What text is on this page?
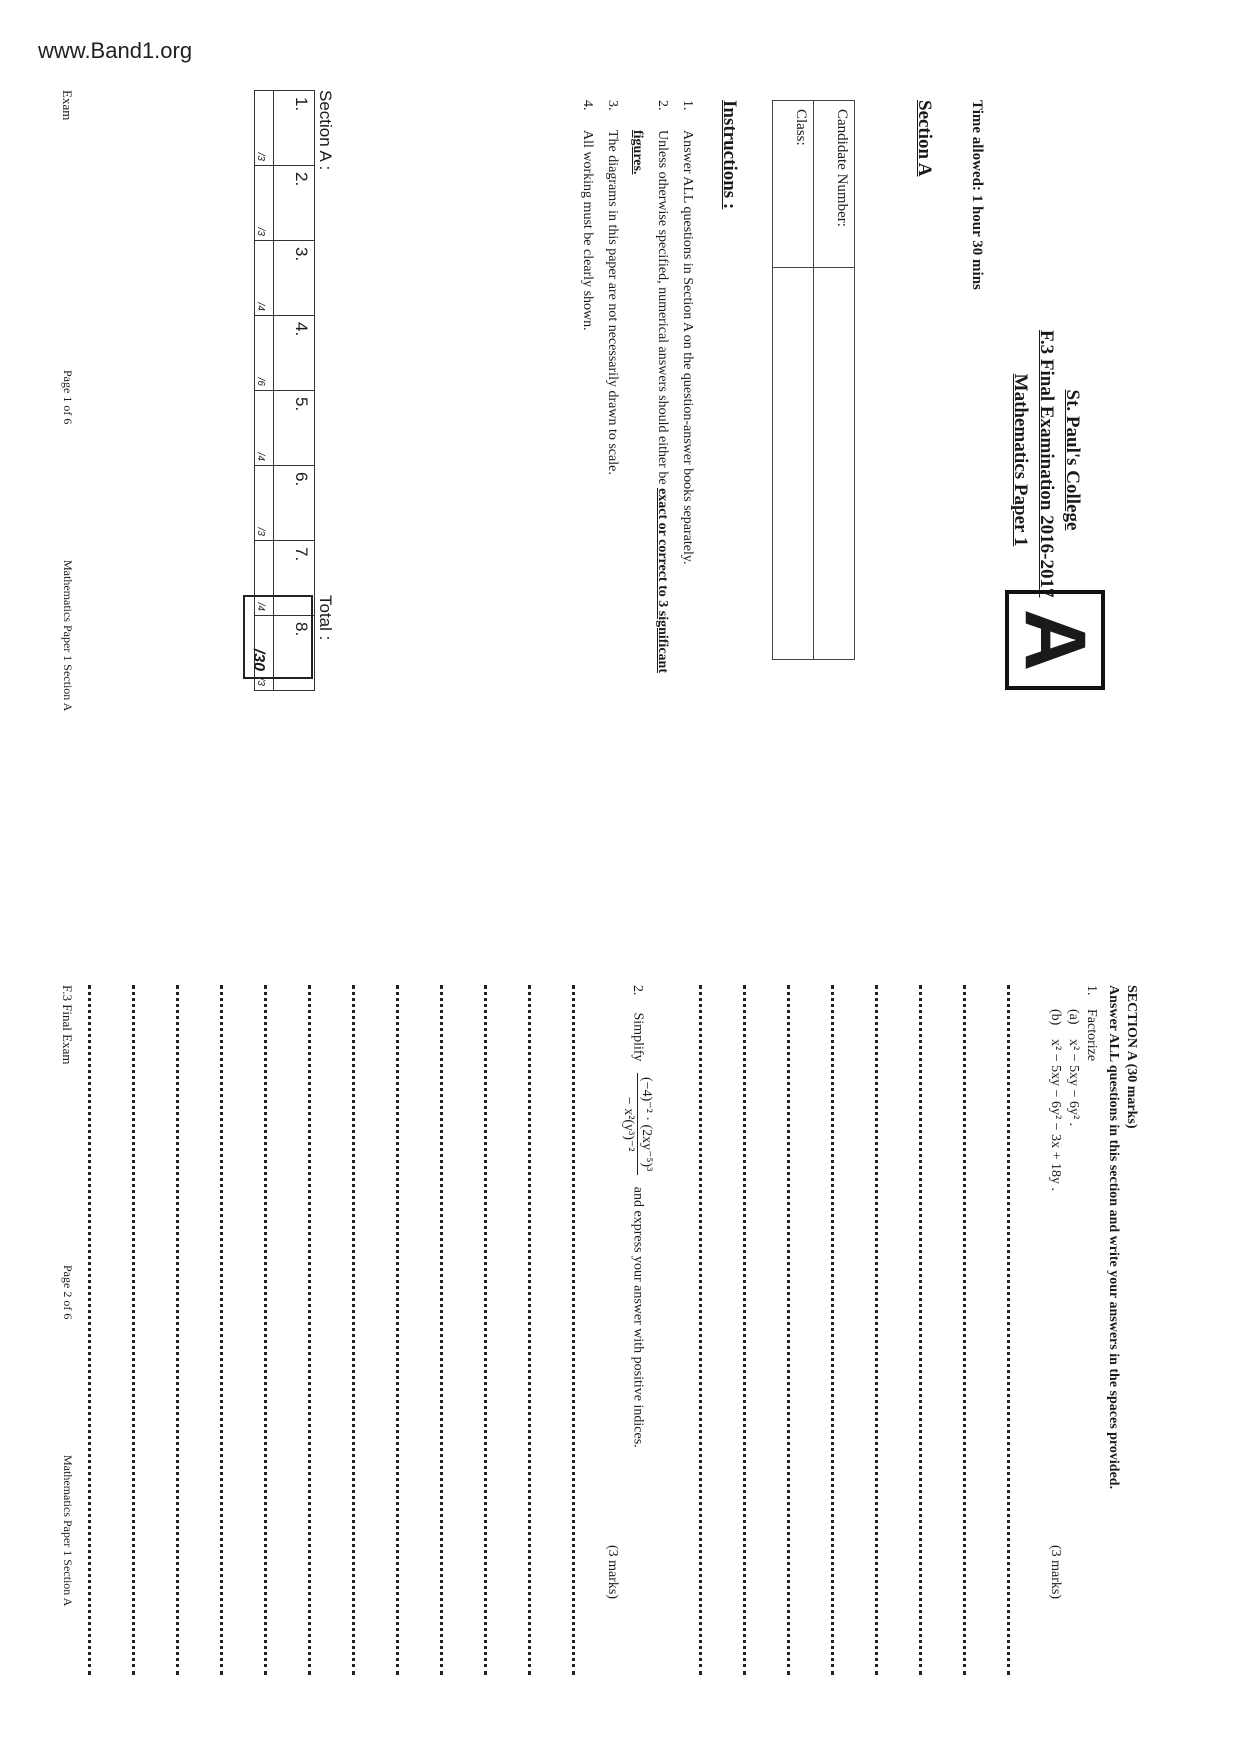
www.Band1.org
St. Paul's College
F.3 Final Examination 2016-2017
Mathematics Paper 1
A
Time allowed: 1 hour 30 mins
Section A
Candidate Number:	
Class:	
Instructions :
1.
Answer ALL questions in Section A on the question-answer books separately.
2.
Unless otherwise specified, numerical answers should either be exact or correct to 3 significant figures.
3.
The diagrams in this paper are not necessarily drawn to scale.
4.
All working must be clearly shown.
Section A :
1.	2.	3.	4.	5.	6.	7.	8.
/3	/3	/4	/6	/4	/3	/4	/3
Total :
/30
Exam
Page 1 of 6
Mathematics Paper 1 Section A
SECTION A (30 marks)
Answer ALL questions in this section and write your answers in the spaces provided.
1.
Factorize
(a)
x² − 5xy − 6y² .
(b)
x² − 5xy − 6y² − 3x + 18y .
(3 marks)
2. Simplify
(−4)⁻² · (2xy⁻⁵)³
− x²(y³)⁻²
and express your answer with positive indices.
(3 marks)
F.3 Final Exam
Page 2 of 6
Mathematics Paper 1 Section A
